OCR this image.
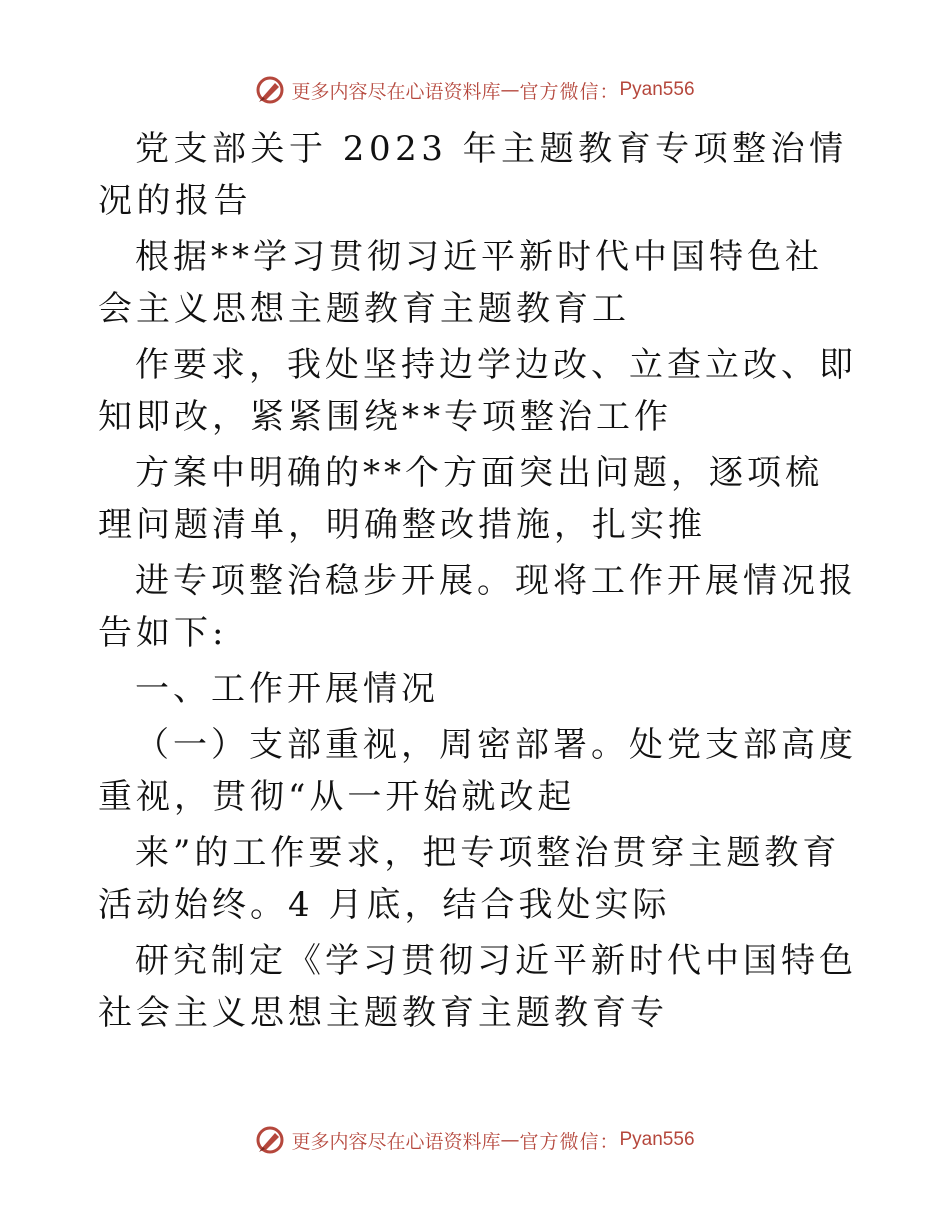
更多内容尽在心语资料库 — 官方微信： Pyan556

党支部关于 2023 年主题教育专项整治情况的报告

根据**学习贯彻习近平新时代中国特色社会主义思想主题教育主题教育工

作要求，我处坚持边学边改、立查立改、即知即改，紧紧围绕**专项整治工作

方案中明确的**个方面突出问题，逐项梳理问题清单，明确整改措施，扎实推

进专项整治稳步开展。现将工作开展情况报告如下:

一、工作开展情况

（一）支部重视，周密部署。处党支部高度重视，贯彻“从一开始就改起

来”的工作要求，把专项整治贯穿主题教育活动始终。4 月底，结合我处实际

研究制定《学习贯彻习近平新时代中国特色社会主义思想主题教育主题教育专

更多内容尽在心语资料库 — 官方微信： Pyan556
